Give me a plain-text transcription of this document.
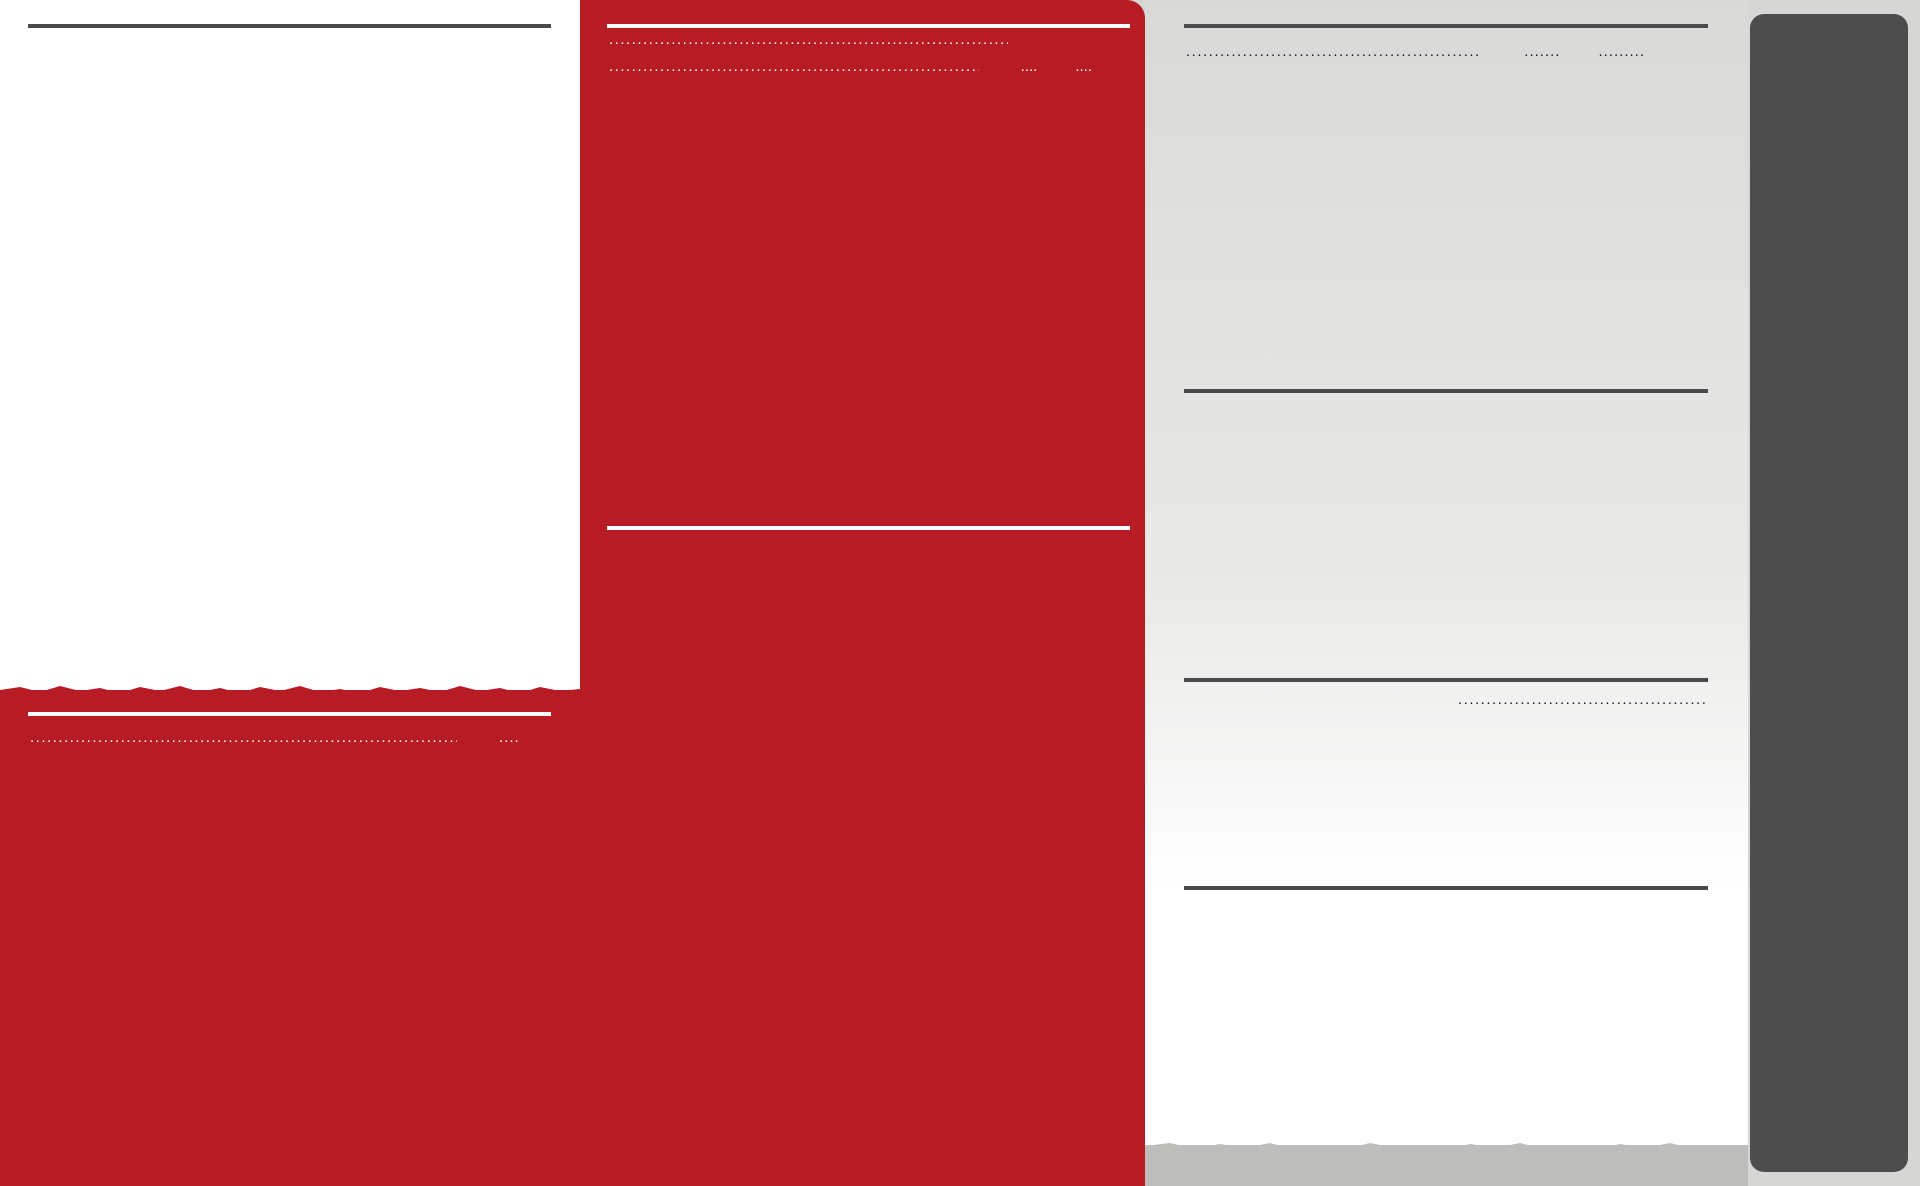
.....
....
.....
.....
....	....
.....
.......	.........
.....
